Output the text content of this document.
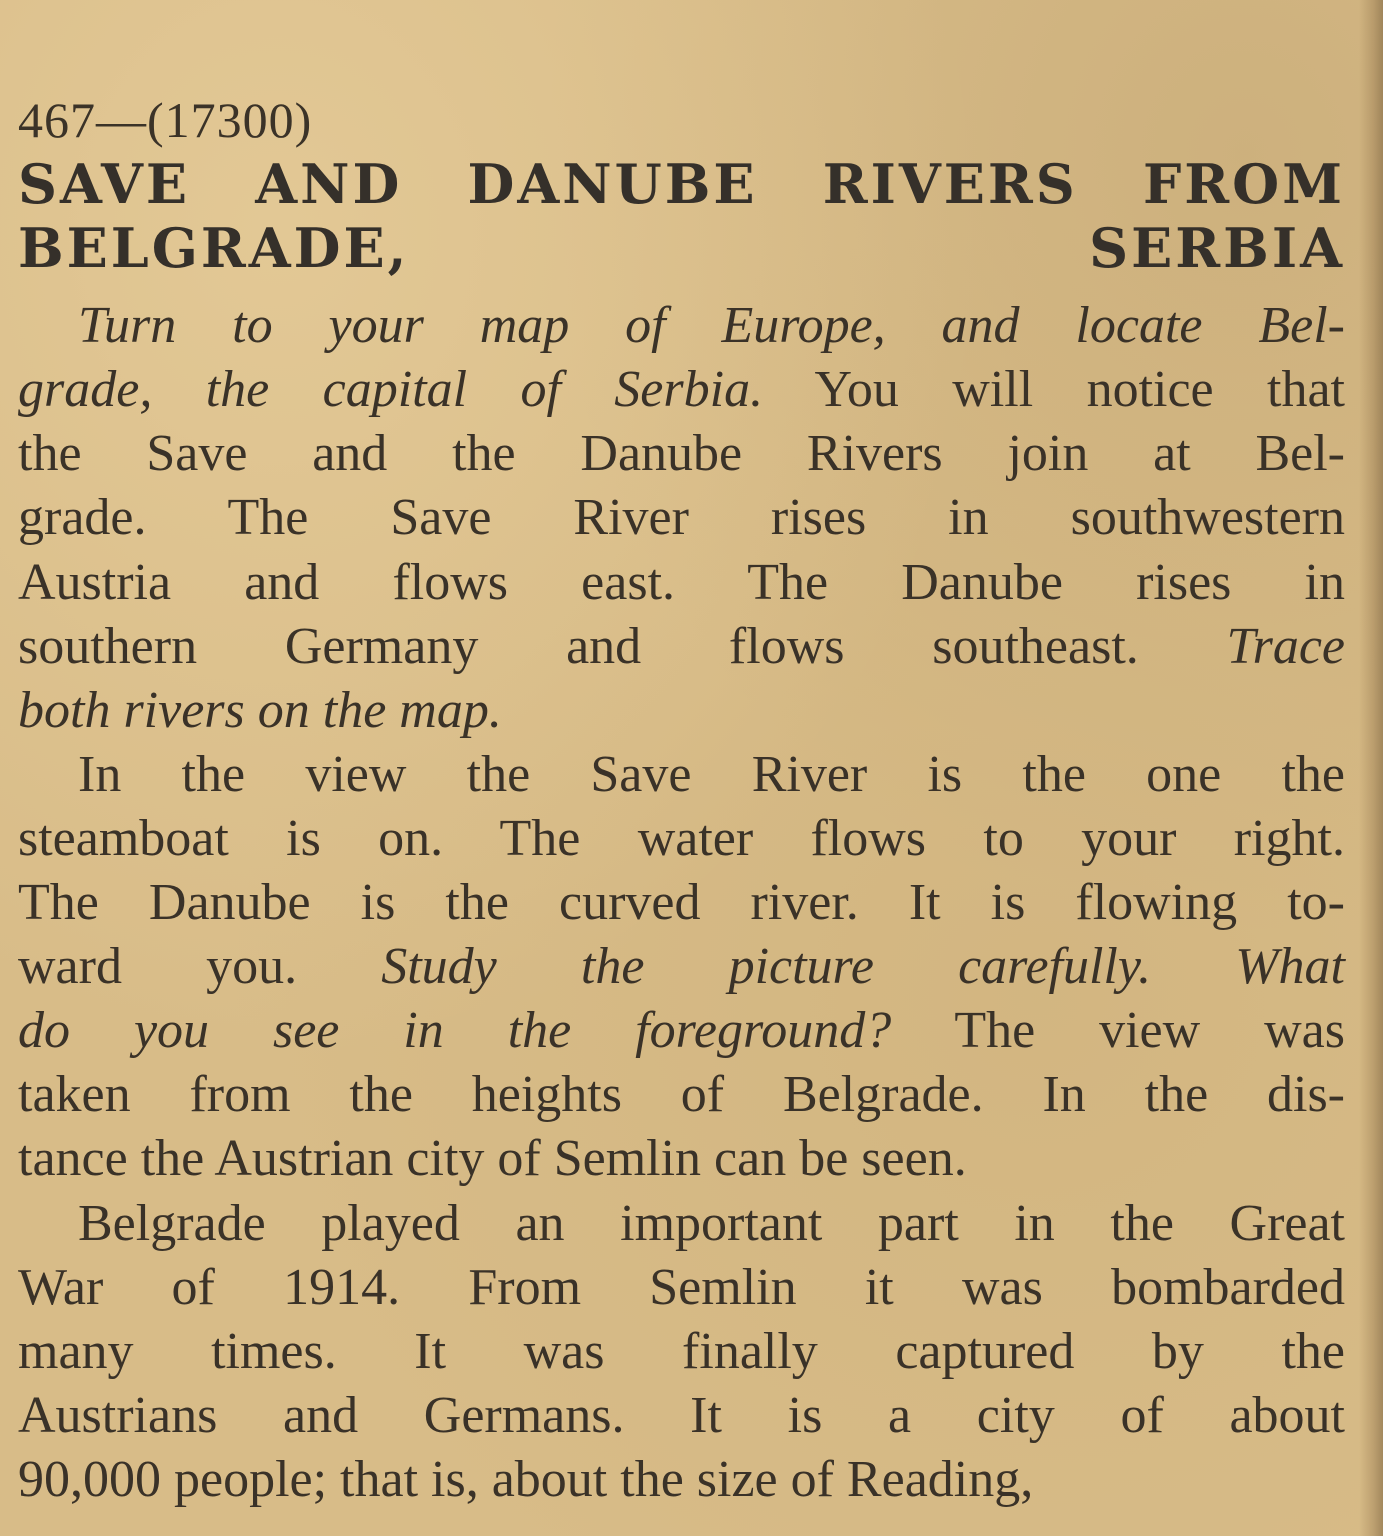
467—(17300)
SAVE AND DANUBE RIVERS FROM
BELGRADE, SERBIA
Turn to your map of Europe, and locate Bel-
grade, the capital of Serbia. You will notice that
the Save and the Danube Rivers join at Bel-
grade. The Save River rises in southwestern
Austria and flows east. The Danube rises in
southern Germany and flows southeast. Trace
both rivers on the map.
In the view the Save River is the one the
steamboat is on. The water flows to your right.
The Danube is the curved river. It is flowing to-
ward you. Study the picture carefully. What
do you see in the foreground? The view was
taken from the heights of Belgrade. In the dis-
tance the Austrian city of Semlin can be seen.
Belgrade played an important part in the Great
War of 1914. From Semlin it was bombarded
many times. It was finally captured by the
Austrians and Germans. It is a city of about
90,000 people; that is, about the size of Reading,
